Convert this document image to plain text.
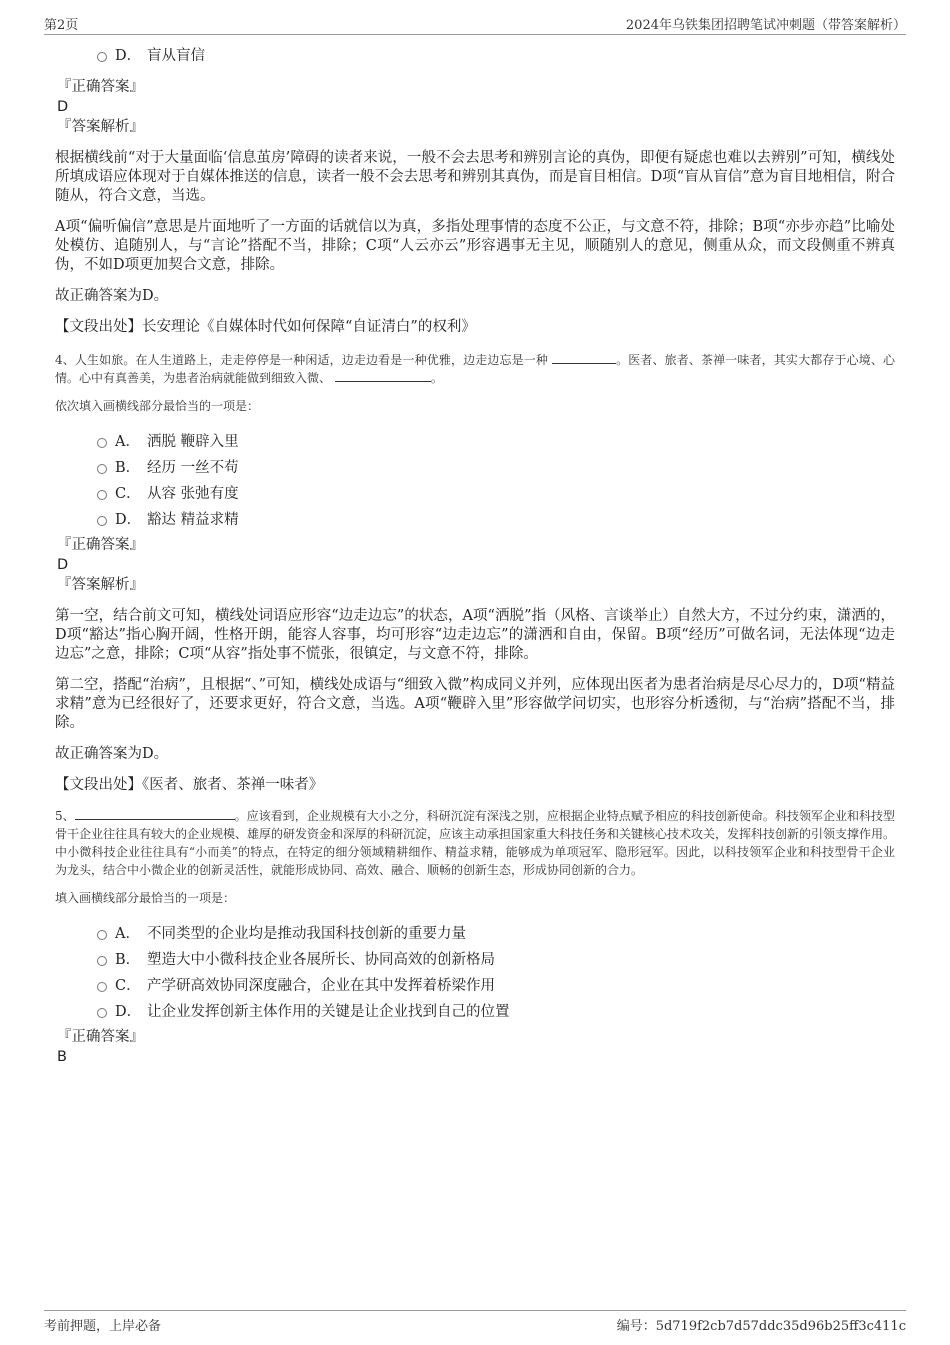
第2页	2024年乌铁集团招聘笔试冲刺题（带答案解析）
D． 盲从盲信
『正确答案』
D
『答案解析』

根据横线前“对于大量面临‘信息茧房’障碍的读者来说，一般不会去思考和辨别言论的真伪，即便有疑虑也难以去辨别”可知，横线处所填成语应体现对于自媒体推送的信息，读者一般不会去思考和辨别其真伪，而是盲目相信。D项“盲从盲信”意为盲目地相信，附合随从，符合文意，当选。

A项“偏听偏信”意思是片面地听了一方面的话就信以为真，多指处理事情的态度不公正，与文意不符，排除；B项“亦步亦趋”比喻处处模仿、追随别人，与“言论”搭配不当，排除；C项“人云亦云”形容遇事无主见，顺随别人的意见，侧重从众，而文段侧重不辨真伪，不如D项更加契合文意，排除。

故正确答案为D。

【文段出处】长安理论《自媒体时代如何保障“自证清白”的权利》

4、人生如旅。在人生道路上，走走停停是一种闲适，边走边看是一种优雅，边走边忘是一种	。医者、旅者、茶禅一味者，其实大都存于心境、心情。心中有真善美，为患者治病就能做到细致入微、	。

依次填入画横线部分最恰当的一项是：
A． 洒脱 鞭辟入里
B． 经历 一丝不苟
C． 从容 张弛有度
D． 豁达 精益求精
『正确答案』
D
『答案解析』

第一空，结合前文可知，横线处词语应形容“边走边忘”的状态，A项“洒脱”指（风格、言谈举止）自然大方，不过分约束，潇洒的，D项“豁达”指心胸开阔，性格开朗，能容人容事，均可形容“边走边忘”的潇洒和自由，保留。B项“经历”可做名词，无法体现“边走边忘”之意，排除；C项“从容”指处事不慌张，很镇定，与文意不符，排除。

第二空，搭配“治病”，且根据“、”可知，横线处成语与“细致入微”构成同义并列，应体现出医者为患者治病是尽心尽力的，D项“精益求精”意为已经很好了，还要求更好，符合文意，当选。A项“鞭辟入里”形容做学问切实，也形容分析透彻，与“治病”搭配不当，排除。

故正确答案为D。

【文段出处】《医者、旅者、茶禅一味者》

5、	。应该看到，企业规模有大小之分，科研沉淀有深浅之别，应根据企业特点赋予相应的科技创新使命。科技领军企业和科技型骨干企业往往具有较大的企业规模、雄厚的研发资金和深厚的科研沉淀，应该主动承担国家重大科技任务和关键核心技术攻关，发挥科技创新的引领支撑作用。中小微科技企业往往具有“小而美”的特点，在特定的细分领域精耕细作、精益求精，能够成为单项冠军、隐形冠军。因此，以科技领军企业和科技型骨干企业为龙头，结合中小微企业的创新灵活性，就能形成协同、高效、融合、顺畅的创新生态，形成协同创新的合力。

填入画横线部分最恰当的一项是：
A． 不同类型的企业均是推动我国科技创新的重要力量
B． 塑造大中小微科技企业各展所长、协同高效的创新格局
C． 产学研高效协同深度融合，企业在其中发挥着桥梁作用
D． 让企业发挥创新主体作用的关键是让企业找到自己的位置
『正确答案』
B
考前押题，上岸必备	编号：5d719f2cb7d57ddc35d96b25ff3c411c
